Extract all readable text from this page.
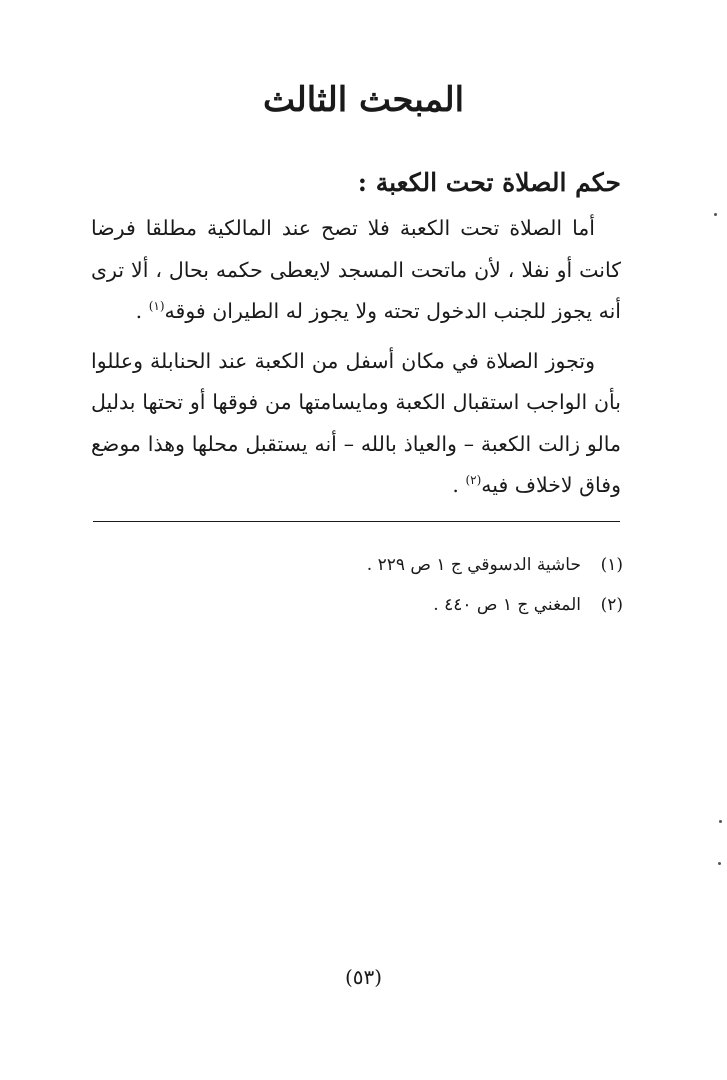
المبحث الثالث
حكم الصلاة تحت الكعبة :

أما الصلاة تحت الكعبة فلا تصح عند المالكية مطلقا فرضا كانت أو نفلا ، لأن ماتحت المسجد لايعطى حكمه بحال ، ألا ترى أنه يجوز للجنب الدخول تحته ولا يجوز له الطيران فوقه$^{(١)}$ .

وتجوز الصلاة في مكان أسفل من الكعبة عند الحنابلة وعللوا بأن الواجب استقبال الكعبة ومايسامتها من فوقها أو تحتها بدليل مالو زالت الكعبة – والعياذ بالله – أنه يستقبل محلها وهذا موضع وفاق لاخلاف فيه$^{(٢)}$ .

(١)حاشية الدسوقي ج ١ ص ٢٢٩ .
(٢)المغني ج ١ ص ٤٤٠ .
(٥٣)
